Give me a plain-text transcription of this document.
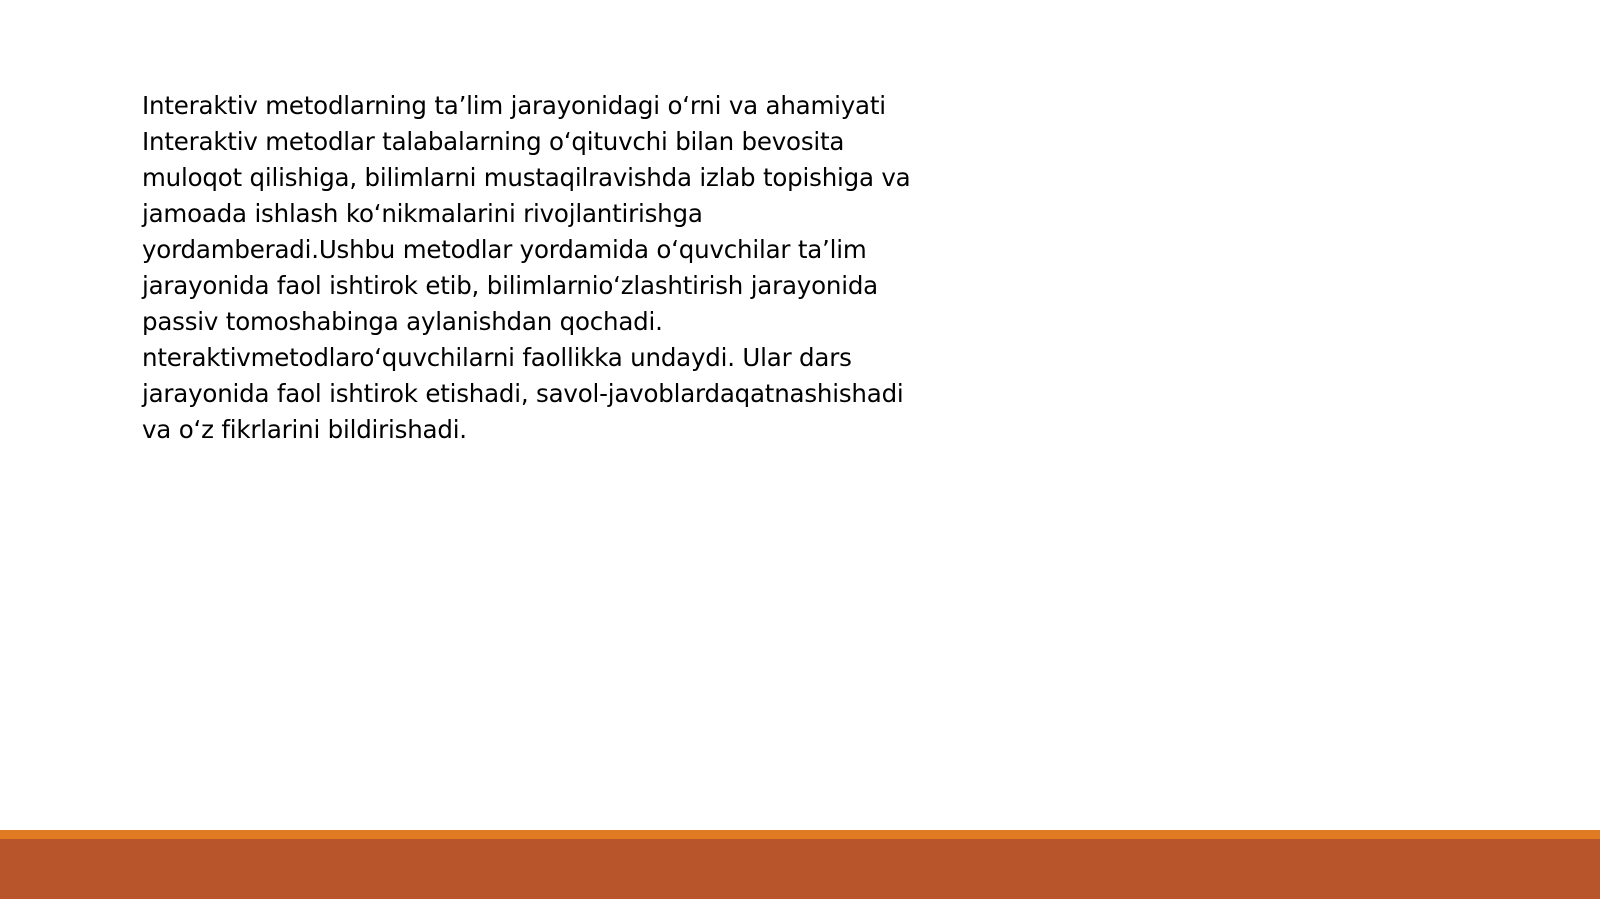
Interaktiv metodlarning ta’lim jarayonidagi o‘rni va ahamiyati
Interaktiv metodlar talabalarning o‘qituvchi bilan bevosita
muloqot qilishiga, bilimlarni mustaqilravishda izlab topishiga va
jamoada ishlash ko‘nikmalarini rivojlantirishga
yordamberadi.Ushbu metodlar yordamida o‘quvchilar ta’lim
jarayonida faol ishtirok etib, bilimlarnio‘zlashtirish jarayonida
passiv tomoshabinga aylanishdan qochadi.
nteraktivmetodlaro‘quvchilarni faollikka undaydi. Ular dars
jarayonida faol ishtirok etishadi, savol-javoblardaqatnashishadi
va o‘z fikrlarini bildirishadi.
